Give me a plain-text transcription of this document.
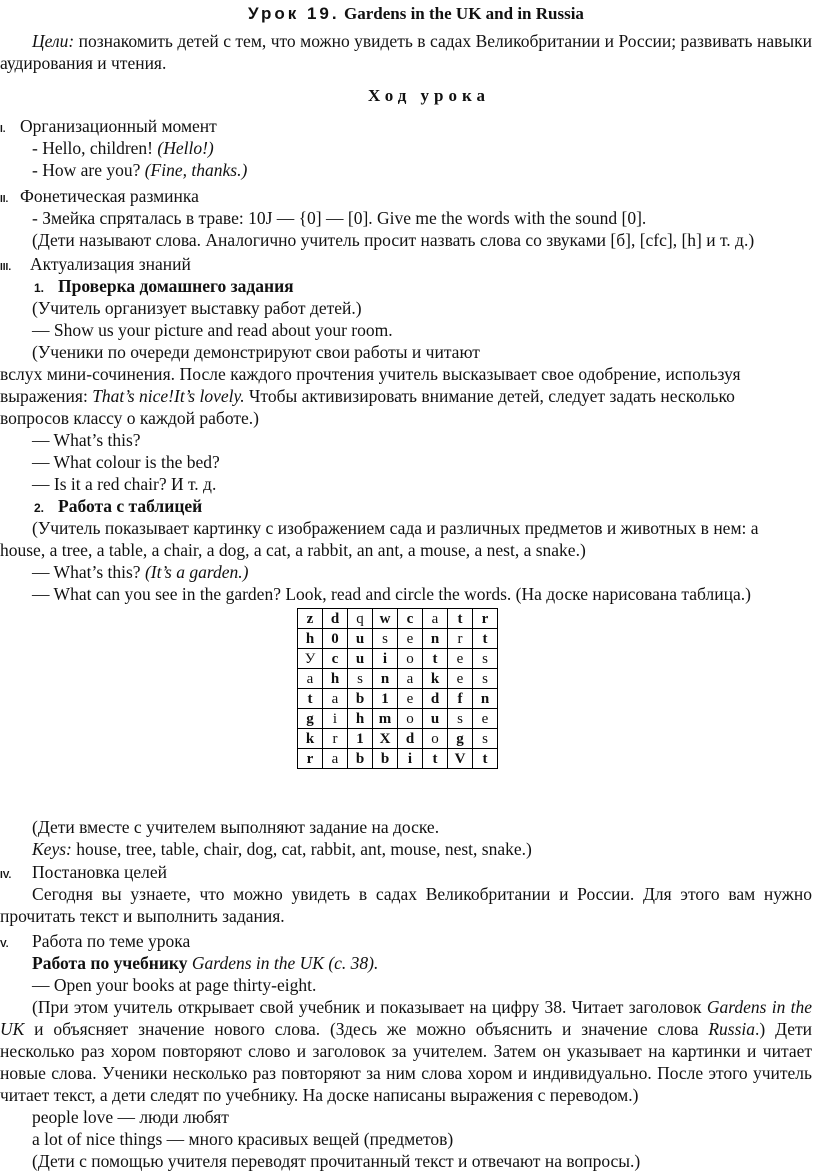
Урок 19. Gardens in the UK and in Russia
Цели: познакомить детей с тем, что можно увидеть в садах Великобритании и России; развивать навыки аудирования и чтения.
Ход урока
I. Организационный момент
- Hello, children! (Hello!)
- How are you? (Fine, thanks.)
II. Фонетическая разминка
- Змейка спряталась в траве: 10J — {0] — [0]. Give me the words with the sound [0].
(Дети называют слова. Аналогично учитель просит назвать слова со звуками [б], [cfc], [h] и т. д.)
III.	Актуализация знаний
1. Проверка домашнего задания
(Учитель организует выставку работ детей.)
— Show us your picture and read about your room.
(Ученики по очереди демонстрируют свои работы и читают
вслух мини-сочинения. После каждого прочтения учитель высказывает свое одобрение, используя
выражения: That’s nice!It’s lovely. Чтобы активизировать внимание детей, следует задать несколько
вопросов классу о каждой работе.)
— What’s this?
— What colour is the bed?
— Is it a red chair? И т. д.
2. Работа с таблицей
(Учитель показывает картинку с изображением сада и различных предметов и животных в нем: а
house, a tree, a table, a chair, a dog, a cat, a rabbit, an ant, a mouse, a nest, a snake.)
— What’s this? (It’s a garden.)
— What can you see in the garden? Look, read and circle the words. (На доске нарисована таблица.)
z	d	q	w	c	a	t	r
h	0	u	s	e	n	r	t
У	c	u	i	o	t	e	s
a	h	s	n	a	k	e	s
t	a	b	1	e	d	f	n
g	i	h	m	o	u	s	e
k	r	1	X	d	o	g	s
r	a	b	b	i	t	V	t
(Дети вместе с учителем выполняют задание на доске.
Keys: house, tree, table, chair, dog, cat, rabbit, ant, mouse, nest, snake.)
IV.	Постановка целей
Сегодня вы узнаете, что можно увидеть в садах Великобритании и России. Для этого вам нужно прочитать текст и выполнить задания.
V.	Работа по теме урока
Работа по учебнику Gardens in the UK (с. 38).
— Open your books at page thirty-eight.
(При этом учитель открывает свой учебник и показывает на цифру 38. Читает заголовок Gardens in the UK и объясняет значение нового слова. (Здесь же можно объяснить и значение слова Russia.) Дети несколько раз хором повторяют слово и заголовок за учителем. Затем он указывает на картинки и читает новые слова. Ученики несколько раз повторяют за ним слова хором и индивидуально. После этого учитель читает текст, а дети следят по учебнику. На доске написаны выражения с переводом.)
people love — люди любят
a lot of nice things — много красивых вещей (предметов)
(Дети с помощью учителя переводят прочитанный текст и отвечают на вопросы.)
